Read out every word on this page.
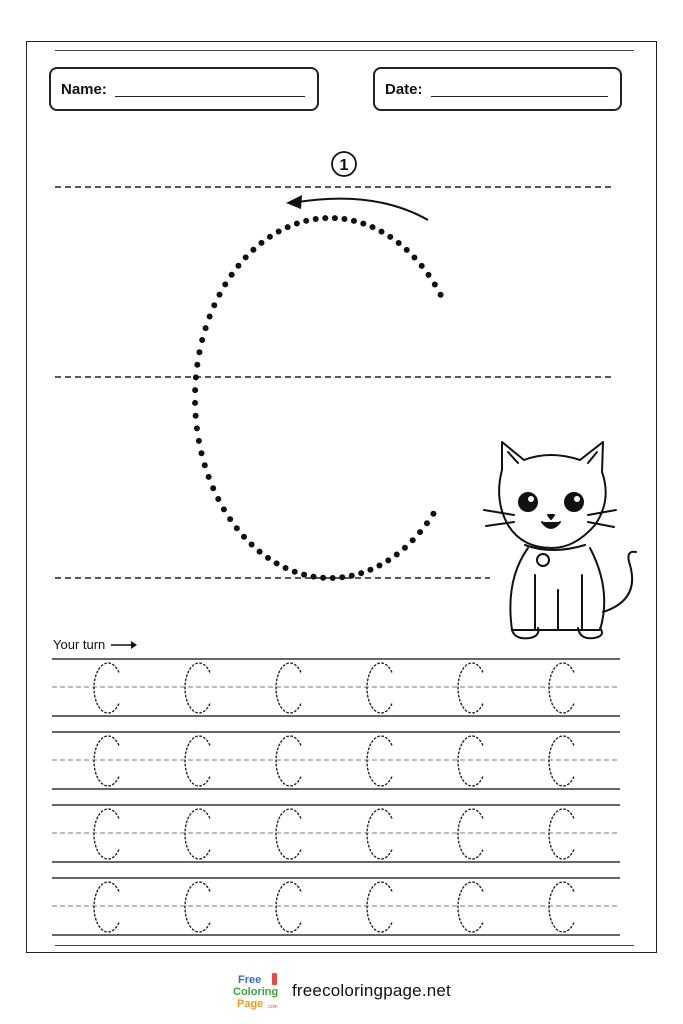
Name:	Date:
Your turn
1
Free
Coloring
Page .com
freecoloringpage.net
